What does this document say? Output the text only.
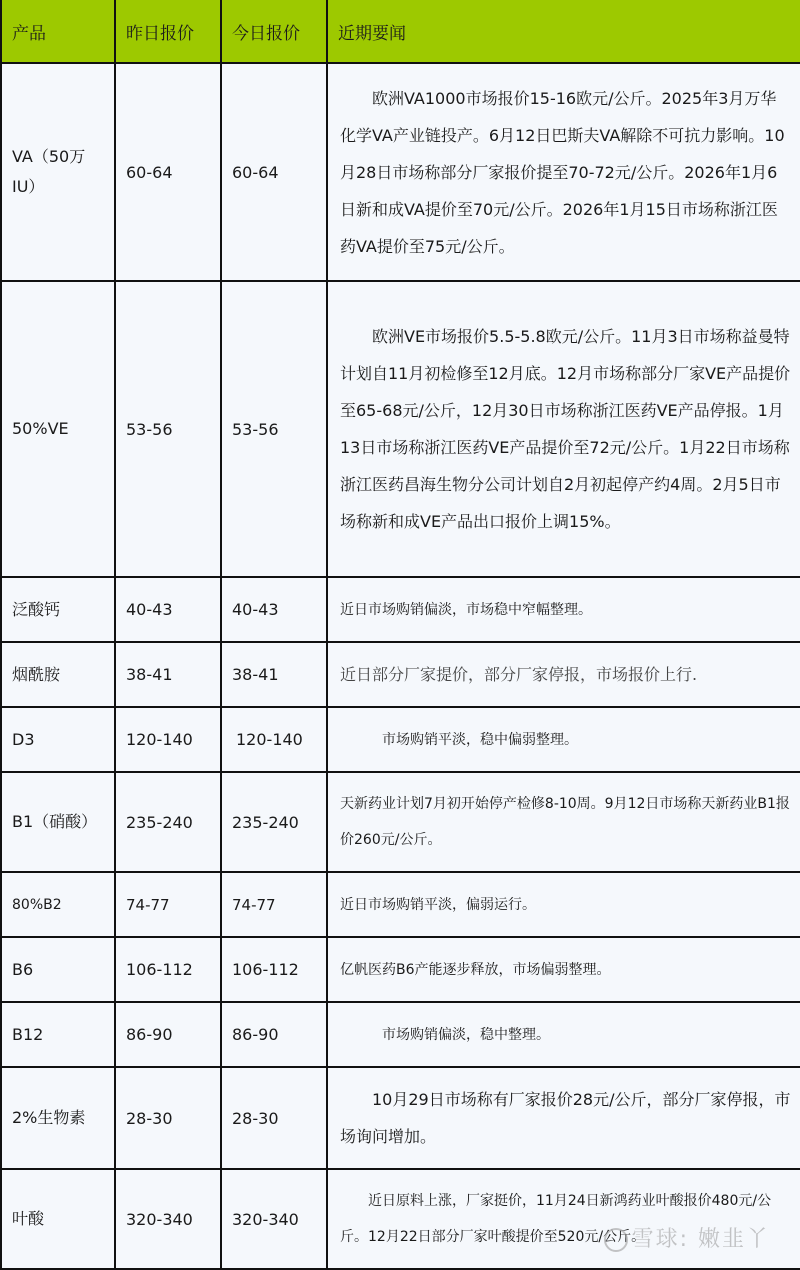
产品	昨日报价	今日报价	近期要闻
VA（50万IU）	60-64	60-64	欧洲VA1000市场报价15-16欧元/公斤。2025年3月万华化学VA产业链投产。6月12日巴斯夫VA解除不可抗力影响。10月28日市场称部分厂家报价提至70-72元/公斤。2026年1月6日新和成VA提价至70元/公斤。2026年1月15日市场称浙江医药VA提价至75元/公斤。
50%VE	53-56	53-56	欧洲VE市场报价5.5-5.8欧元/公斤。11月3日市场称益曼特计划自11月初检修至12月底。12月市场称部分厂家VE产品提价至65-68元/公斤，12月30日市场称浙江医药VE产品停报。1月13日市场称浙江医药VE产品提价至72元/公斤。1月22日市场称浙江医药昌海生物分公司计划自2月初起停产约4周。2月5日市场称新和成VE产品出口报价上调15%。
泛酸钙	40-43	40-43	近日市场购销偏淡，市场稳中窄幅整理。
烟酰胺	38-41	38-41	近日部分厂家提价，部分厂家停报，市场报价上行.
D3	120-140	120-140	市场购销平淡，稳中偏弱整理。
B1（硝酸）	235-240	235-240	天新药业计划7月初开始停产检修8-10周。9月12日市场称天新药业B1报价260元/公斤。
80%B2	74-77	74-77	近日市场购销平淡，偏弱运行。
B6	106-112	106-112	亿帆医药B6产能逐步释放，市场偏弱整理。
B12	86-90	86-90	市场购销偏淡，稳中整理。
2%生物素	28-30	28-30	10月29日市场称有厂家报价28元/公斤，部分厂家停报，市场询问增加。
叶酸	320-340	320-340	近日原料上涨，厂家挺价，11月24日新鸿药业叶酸报价480元/公斤。12月22日部分厂家叶酸提价至520元/公斤。
雪球: 嫩韭丫
